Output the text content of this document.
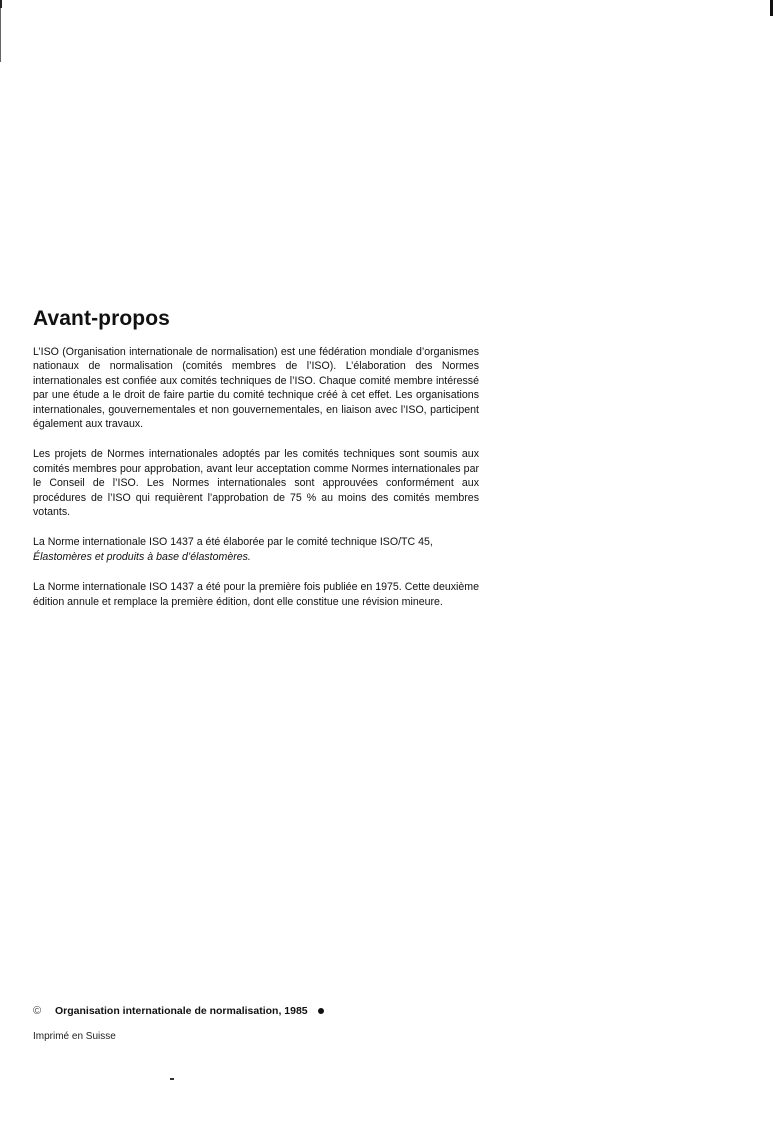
Avant-propos

L’ISO (Organisation internationale de normalisation) est une fédération mondiale d’organismes nationaux de normalisation (comités membres de l’ISO). L’élaboration des Normes internationales est confiée aux comités techniques de l’ISO. Chaque comité membre intéressé par une étude a le droit de faire partie du comité technique créé à cet effet. Les organisations internationales, gouvernementales et non gouvernementales, en liaison avec l’ISO, participent également aux travaux.

Les projets de Normes internationales adoptés par les comités techniques sont soumis aux comités membres pour approbation, avant leur acceptation comme Normes internationales par le Conseil de l’ISO. Les Normes internationales sont approuvées conformément aux procédures de l’ISO qui requièrent l’approbation de 75 % au moins des comités membres votants.

La Norme internationale ISO 1437 a été élaborée par le comité technique ISO/TC 45,
Élastomères et produits à base d’élastomères.

La Norme internationale ISO 1437 a été pour la première fois publiée en 1975. Cette deuxième édition annule et remplace la première édition, dont elle constitue une révision mineure.

©	Organisation internationale de normalisation, 1985
Imprimé en Suisse
